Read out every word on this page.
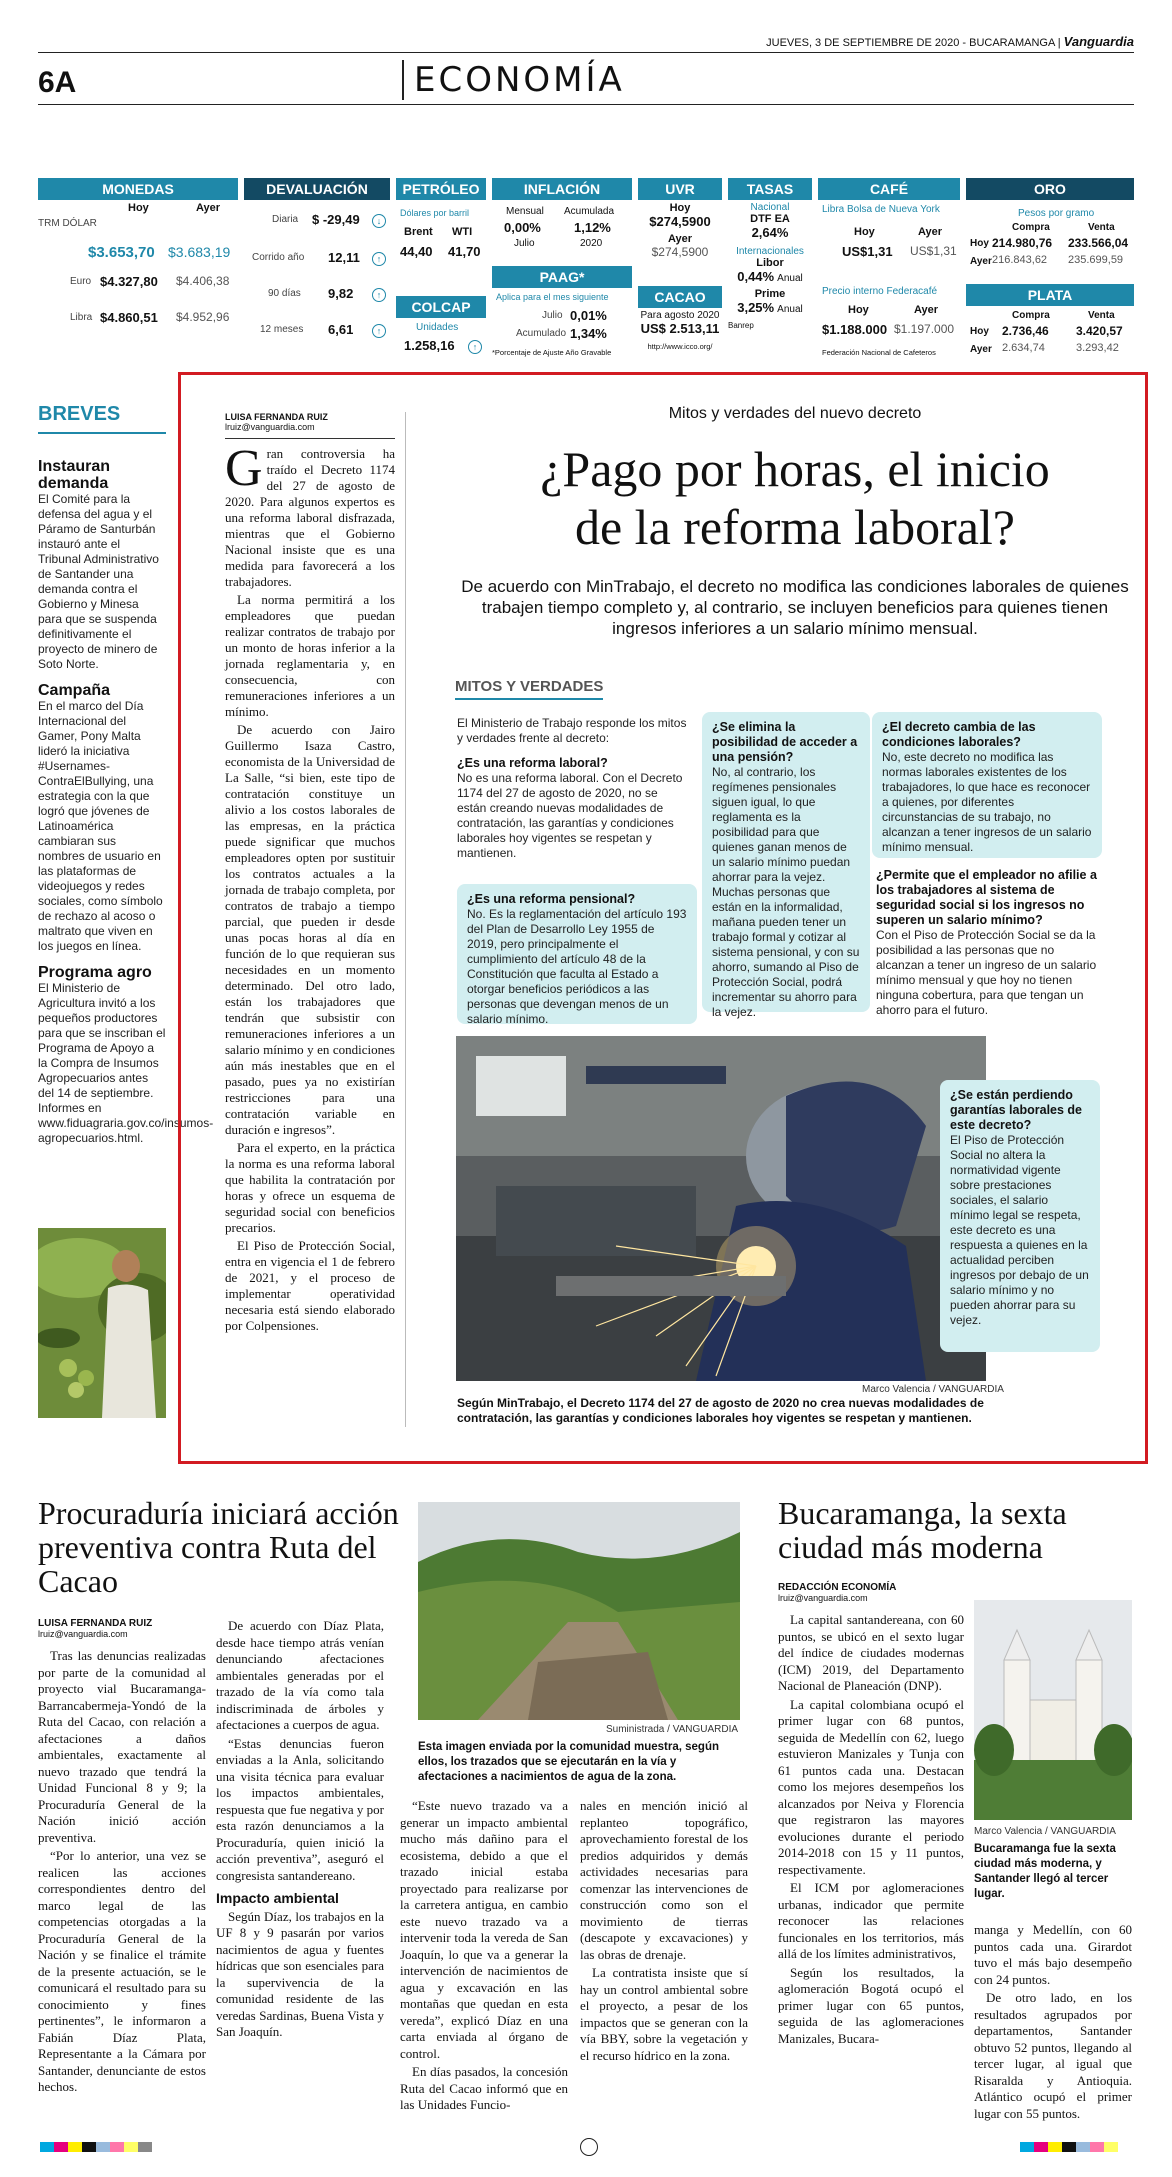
JUEVES, 3 DE SEPTIEMBRE DE 2020 - BUCARAMANGA | Vanguardia
6A	ECONOMÍA
MONEDAS
Hoy	Ayer
TRM DÓLAR
$3.653,70 $3.683,19
Euro $4.327,80 $4.406,38
Libra $4.860,51 $4.952,96
DEVALUACIÓN
Diaria $ -29,49	↓
Corrido año 12,11	↑
90 días 9,82	↑
12 meses 6,61	↑
PETRÓLEO
Dólares por barril
Brent WTI
44,40 41,70
COLCAP
Unidades
1.258,16	↑
INFLACIÓN
Mensual Acumulada
0,00%	1,12%
Julio	2020
PAAG*
Aplica para el mes siguiente
Julio 0,01%
Acumulado 1,34%
*Porcentaje de Ajuste Año Gravable
UVR
Hoy
$274,5900
Ayer
$274,5900
CACAO
Para agosto 2020
US$ 2.513,11
http://www.icco.org/
TASAS
Nacional
DTF EA
2,64%
Internacionales
Libor
0,44% Anual
Prime
3,25% Anual
Banrep
CAFÉ
Libra Bolsa de Nueva York
Hoy	Ayer
US$1,31 US$1,31
Precio interno Federacafé
Hoy	Ayer
$1.188.000 $1.197.000
Federación Nacional de Cafeteros
ORO
Pesos por gramo
Compra	Venta
Hoy 214.980,76 233.566,04
Ayer 216.843,62 235.699,59
PLATA
Compra	Venta
Hoy 2.736,46 3.420,57
Ayer 2.634,74	3.293,42
BREVES
Instauran demanda

El Comité para la defensa del agua y el Páramo de Santurbán instauró ante el Tribunal Administrativo de Santander una demanda contra el Gobierno y Minesa para que se suspenda definitivamente el proyecto de minero de Soto Norte.

Campaña

En el marco del Día Internacional del Gamer, Pony Malta lideró la iniciativa #Usernames-ContraElBullying, una estrategia con la que logró que jóvenes de Latinoamérica cambiaran sus nombres de usuario en las plataformas de videojuegos y redes sociales, como símbolo de rechazo al acoso o maltrato que viven en los juegos en línea.

Programa agro

El Ministerio de Agricultura invitó a los pequeños productores para que se inscriban el Programa de Apoyo a la Compra de Insumos Agropecuarios antes del 14 de septiembre. Informes en www.fiduagraria.gov.co/insumos-agropecuarios.html.

LUISA FERNANDA RUIZ
lruiz@vanguardia.com

Gran controversia ha traído el Decreto 1174 del 27 de agosto de 2020. Para algunos expertos es una reforma laboral disfrazada, mientras que el Gobierno Nacional insiste que es una medida para favorecerá a los trabajadores.

La norma permitirá a los empleadores que puedan realizar contratos de trabajo por un monto de horas inferior a la jornada reglamentaria y, en consecuencia, con remuneraciones inferiores a un mínimo.

De acuerdo con Jairo Guillermo Isaza Castro, economista de la Universidad de La Salle, “si bien, este tipo de contratación constituye un alivio a los costos laborales de las empresas, en la práctica puede significar que muchos empleadores opten por sustituir los contratos actuales a la jornada de trabajo completa, por contratos de trabajo a tiempo parcial, que pueden ir desde unas pocas horas al día en función de lo que requieran sus necesidades en un momento determinado. Del otro lado, están los trabajadores que tendrán que subsistir con remuneraciones inferiores a un salario mínimo y en condiciones aún más inestables que en el pasado, pues ya no existirían restricciones para una contratación variable en duración e ingresos”.

Para el experto, en la práctica la norma es una reforma laboral que habilita la contratación por horas y ofrece un esquema de seguridad social con beneficios precarios.

El Piso de Protección Social, entra en vigencia el 1 de febrero de 2021, y el proceso de implementar operatividad necesaria está siendo elaborado por Colpensiones.

Mitos y verdades del nuevo decreto
¿Pago por horas, el inicio
de la reforma laboral?
De acuerdo con MinTrabajo, el decreto no modifica las condiciones laborales de quienes trabajen tiempo completo y, al contrario, se incluyen beneficios para quienes tienen ingresos inferiores a un salario mínimo mensual.
MITOS Y VERDADES
El Ministerio de Trabajo responde los mitos y verdades frente al decreto:
¿Es una reforma laboral?
No es una reforma laboral. Con el Decreto 1174 del 27 de agosto de 2020, no se están creando nuevas modalidades de contratación, las garantías y condiciones laborales hoy vigentes se respetan y mantienen.
¿Es una reforma pensional?
No. Es la reglamentación del artículo 193 del Plan de Desarrollo Ley 1955 de 2019, pero principalmente el cumplimiento del artículo 48 de la Constitución que faculta al Estado a otorgar beneficios periódicos a las personas que devengan menos de un salario mínimo.
¿Se elimina la posibilidad de acceder a una pensión?
No, al contrario, los regímenes pensionales siguen igual, lo que reglamenta es la posibilidad para que quienes ganan menos de un salario mínimo puedan ahorrar para la vejez. Muchas personas que están en la informalidad, mañana pueden tener un trabajo formal y cotizar al sistema pensional, y con su ahorro, sumando al Piso de Protección Social, podrá incrementar su ahorro para la vejez.
¿El decreto cambia de las condiciones laborales?
No, este decreto no modifica las normas laborales existentes de los trabajadores, lo que hace es reconocer a quienes, por diferentes circunstancias de su trabajo, no alcanzan a tener ingresos de un salario mínimo mensual.
¿Permite que el empleador no afilie a los trabajadores al sistema de seguridad social si los ingresos no superen un salario mínimo?
Con el Piso de Protección Social se da la posibilidad a las personas que no alcanzan a tener un ingreso de un salario mínimo mensual y que hoy no tienen ninguna cobertura, para que tengan un ahorro para el futuro.
¿Se están perdiendo garantías laborales de este decreto?
El Piso de Protección Social no altera la normatividad vigente sobre prestaciones sociales, el salario mínimo legal se respeta, este decreto es una respuesta a quienes en la actualidad perciben ingresos por debajo de un salario mínimo y no pueden ahorrar para su vejez.
Marco Valencia / VANGUARDIA
Según MinTrabajo, el Decreto 1174 del 27 de agosto de 2020 no crea nuevas modalidades de contratación, las garantías y condiciones laborales hoy vigentes se respetan y mantienen.
Procuraduría iniciará acción preventiva contra Ruta del Cacao
LUISA FERNANDA RUIZ
lruiz@vanguardia.com

Tras las denuncias realizadas por parte de la comunidad al proyecto vial Bucaramanga-Barrancabermeja-Yondó de la Ruta del Cacao, con relación a afectaciones a daños ambientales, exactamente al nuevo trazado que tendrá la Unidad Funcional 8 y 9; la Procuraduría General de la Nación inició acción preventiva.

“Por lo anterior, una vez se realicen las acciones correspondientes dentro del marco legal de las competencias otorgadas a la Procuraduría General de la Nación y se finalice el trámite de la presente actuación, se le comunicará el resultado para su conocimiento y fines pertinentes”, le informaron a Fabián Díaz Plata, Representante a la Cámara por Santander, denunciante de estos hechos.

De acuerdo con Díaz Plata, desde hace tiempo atrás venían denunciando afectaciones ambientales generadas por el trazado de la vía como tala indiscriminada de árboles y afectaciones a cuerpos de agua.

“Estas denuncias fueron enviadas a la Anla, solicitando una visita técnica para evaluar los impactos ambientales, respuesta que fue negativa y por esta razón denunciamos a la Procuraduría, quien inició la acción preventiva”, aseguró el congresista santandereano.

Impacto ambiental

Según Díaz, los trabajos en la UF 8 y 9 pasarán por varios nacimientos de agua y fuentes hídricas que son esenciales para la supervivencia de la comunidad residente de las veredas Sardinas, Buena Vista y San Joaquín.

Suministrada / VANGUARDIA
Esta imagen enviada por la comunidad muestra, según ellos, los trazados que se ejecutarán en la vía y afectaciones a nacimientos de agua de la zona.

“Este nuevo trazado va a generar un impacto ambiental mucho más dañino para el ecosistema, debido a que el trazado inicial estaba proyectado para realizarse por la carretera antigua, en cambio este nuevo trazado va a intervenir toda la vereda de San Joaquín, lo que va a generar la intervención de nacimientos de agua y excavación en las montañas que quedan en esta vereda”, explicó Díaz en una carta enviada al órgano de control.

En días pasados, la concesión Ruta del Cacao informó que en las Unidades Funcio-

nales en mención inició al replanteo topográfico, aprovechamiento forestal de los predios adquiridos y demás actividades necesarias para comenzar las intervenciones de construcción como son el movimiento de tierras (descapote y excavaciones) y las obras de drenaje.

La contratista insiste que sí hay un control ambiental sobre el proyecto, a pesar de los impactos que se generan con la vía BBY, sobre la vegetación y el recurso hídrico en la zona.

Bucaramanga, la sexta ciudad más moderna
REDACCIÓN ECONOMÍA
lruiz@vanguardia.com

La capital santandereana, con 60 puntos, se ubicó en el sexto lugar del índice de ciudades modernas (ICM) 2019, del Departamento Nacional de Planeación (DNP).

La capital colombiana ocupó el primer lugar con 68 puntos, seguida de Medellín con 62, luego estuvieron Manizales y Tunja con 61 puntos cada una. Destacan como los mejores desempeños los alcanzados por Neiva y Florencia que registraron las mayores evoluciones durante el periodo 2014-2018 con 15 y 11 puntos, respectivamente.

El ICM por aglomeraciones urbanas, indicador que permite reconocer las relaciones funcionales en los territorios, más allá de los límites administrativos,

Según los resultados, la aglomeración Bogotá ocupó el primer lugar con 65 puntos, seguida de las aglomeraciones Manizales, Bucara-

Marco Valencia / VANGUARDIA
Bucaramanga fue la sexta ciudad más moderna, y Santander llegó al tercer lugar.

manga y Medellín, con 60 puntos cada una. Girardot tuvo el más bajo desempeño con 24 puntos.

De otro lado, en los resultados agrupados por departamentos, Santander obtuvo 52 puntos, llegando al tercer lugar, al igual que Risaralda y Antioquia. Atlántico ocupó el primer lugar con 55 puntos.
